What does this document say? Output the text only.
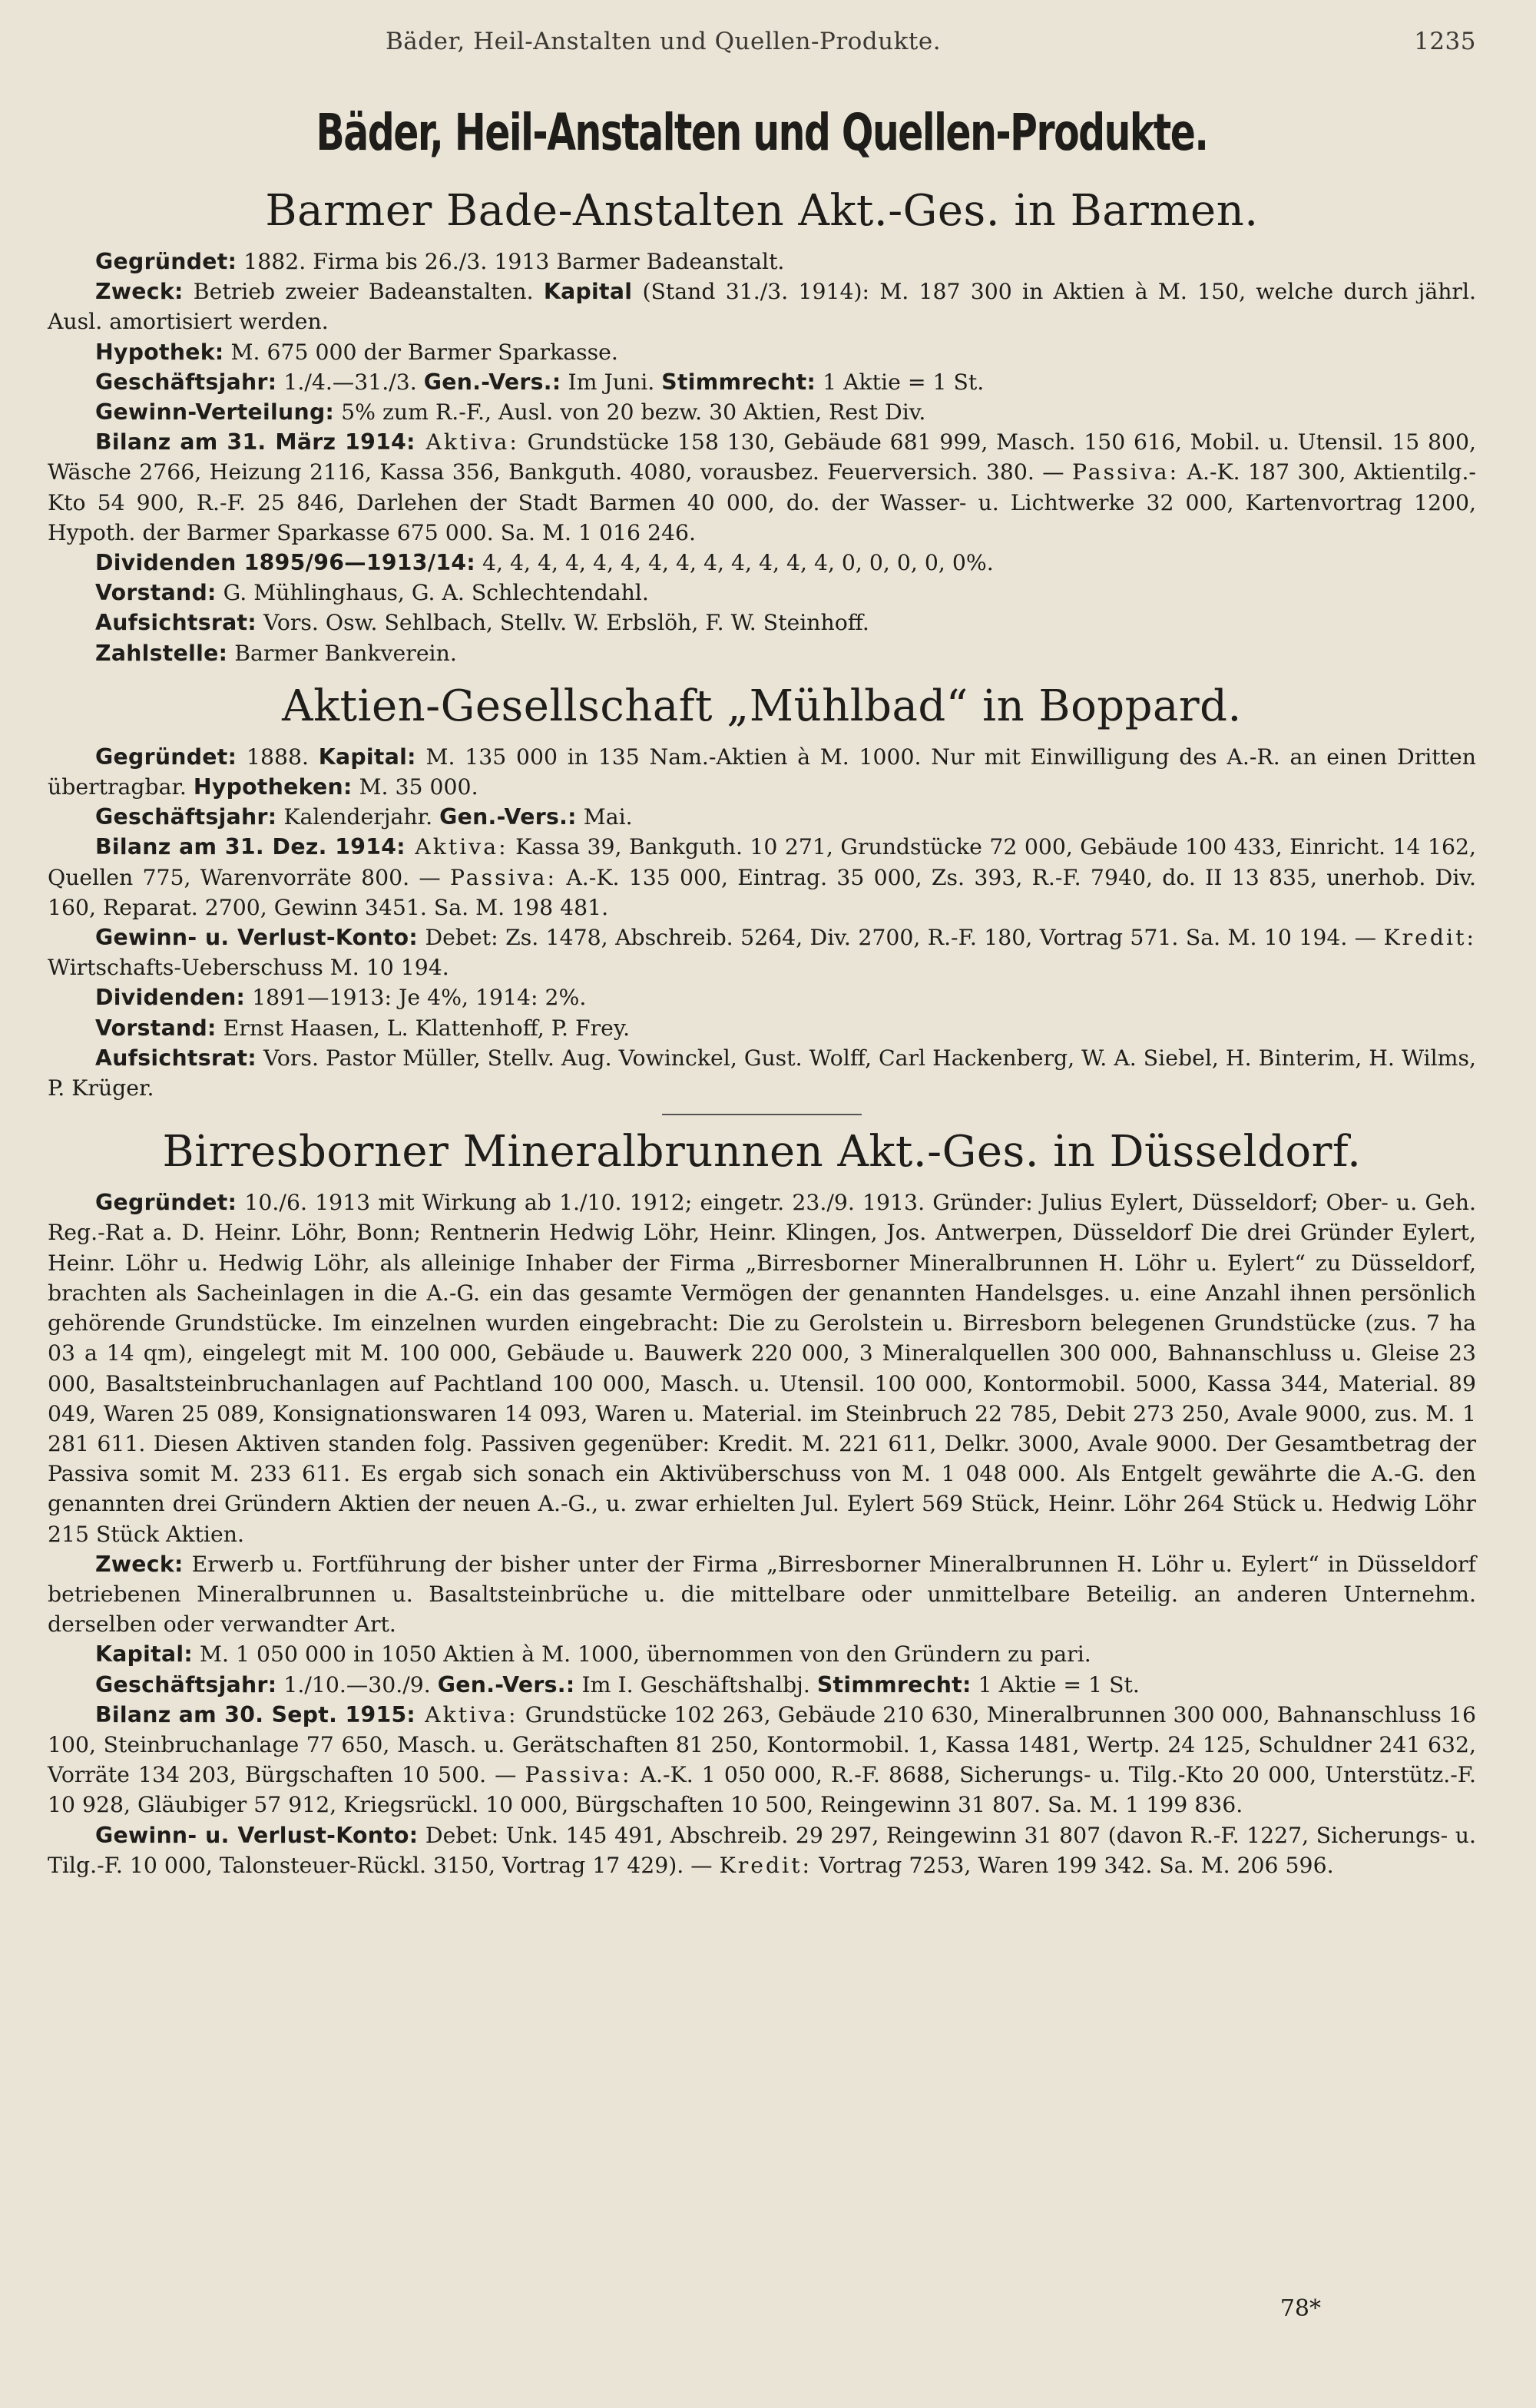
Bäder, Heil-Anstalten und Quellen-Produkte.	1235
Bäder, Heil-Anstalten und Quellen-Produkte.
Barmer Bade-Anstalten Akt.-Ges. in Barmen.

Gegründet: 1882. Firma bis 26./3. 1913 Barmer Badeanstalt.

Zweck: Betrieb zweier Badeanstalten. Kapital (Stand 31./3. 1914): M. 187 300 in Aktien à M. 150, welche durch jährl. Ausl. amortisiert werden.

Hypothek: M. 675 000 der Barmer Sparkasse.

Geschäftsjahr: 1./4.—31./3. Gen.-Vers.: Im Juni. Stimmrecht: 1 Aktie = 1 St.

Gewinn-Verteilung: 5% zum R.-F., Ausl. von 20 bezw. 30 Aktien, Rest Div.

Bilanz am 31. März 1914: Aktiva: Grundstücke 158 130, Gebäude 681 999, Masch. 150 616, Mobil. u. Utensil. 15 800, Wäsche 2766, Heizung 2116, Kassa 356, Bankguth. 4080, vorausbez. Feuerversich. 380. — Passiva: A.-K. 187 300, Aktientilg.-Kto 54 900, R.-F. 25 846, Darlehen der Stadt Barmen 40 000, do. der Wasser- u. Lichtwerke 32 000, Kartenvortrag 1200, Hypoth. der Barmer Sparkasse 675 000. Sa. M. 1 016 246.

Dividenden 1895/96—1913/14: 4, 4, 4, 4, 4, 4, 4, 4, 4, 4, 4, 4, 4, 0, 0, 0, 0, 0%.

Vorstand: G. Mühlinghaus, G. A. Schlechtendahl.

Aufsichtsrat: Vors. Osw. Sehlbach, Stellv. W. Erbslöh, F. W. Steinhoff.

Zahlstelle: Barmer Bankverein.

Aktien-Gesellschaft „Mühlbad“ in Boppard.

Gegründet: 1888. Kapital: M. 135 000 in 135 Nam.-Aktien à M. 1000. Nur mit Einwilligung des A.-R. an einen Dritten übertragbar. Hypotheken: M. 35 000.

Geschäftsjahr: Kalenderjahr. Gen.-Vers.: Mai.

Bilanz am 31. Dez. 1914: Aktiva: Kassa 39, Bankguth. 10 271, Grundstücke 72 000, Gebäude 100 433, Einricht. 14 162, Quellen 775, Warenvorräte 800. — Passiva: A.-K. 135 000, Eintrag. 35 000, Zs. 393, R.-F. 7940, do. II 13 835, unerhob. Div. 160, Reparat. 2700, Gewinn 3451. Sa. M. 198 481.

Gewinn- u. Verlust-Konto: Debet: Zs. 1478, Abschreib. 5264, Div. 2700, R.-F. 180, Vortrag 571. Sa. M. 10 194. — Kredit: Wirtschafts-Ueberschuss M. 10 194.

Dividenden: 1891—1913: Je 4%, 1914: 2%.

Vorstand: Ernst Haasen, L. Klattenhoff, P. Frey.

Aufsichtsrat: Vors. Pastor Müller, Stellv. Aug. Vowinckel, Gust. Wolff, Carl Hackenberg, W. A. Siebel, H. Binterim, H. Wilms, P. Krüger.

Birresborner Mineralbrunnen Akt.-Ges. in Düsseldorf.

Gegründet: 10./6. 1913 mit Wirkung ab 1./10. 1912; eingetr. 23./9. 1913. Gründer: Julius Eylert, Düsseldorf; Ober- u. Geh. Reg.-Rat a. D. Heinr. Löhr, Bonn; Rentnerin Hedwig Löhr, Heinr. Klingen, Jos. Antwerpen, Düsseldorf Die drei Gründer Eylert, Heinr. Löhr u. Hedwig Löhr, als alleinige Inhaber der Firma „Birresborner Mineralbrunnen H. Löhr u. Eylert“ zu Düsseldorf, brachten als Sacheinlagen in die A.-G. ein das gesamte Vermögen der genannten Handelsges. u. eine Anzahl ihnen persönlich gehörende Grundstücke. Im einzelnen wurden eingebracht: Die zu Gerolstein u. Birresborn belegenen Grundstücke (zus. 7 ha 03 a 14 qm), eingelegt mit M. 100 000, Gebäude u. Bauwerk 220 000, 3 Mineralquellen 300 000, Bahnanschluss u. Gleise 23 000, Basaltsteinbruchanlagen auf Pachtland 100 000, Masch. u. Utensil. 100 000, Kontormobil. 5000, Kassa 344, Material. 89 049, Waren 25 089, Konsignationswaren 14 093, Waren u. Material. im Steinbruch 22 785, Debit 273 250, Avale 9000, zus. M. 1 281 611. Diesen Aktiven standen folg. Passiven gegenüber: Kredit. M. 221 611, Delkr. 3000, Avale 9000. Der Gesamtbetrag der Passiva somit M. 233 611. Es ergab sich sonach ein Aktivüberschuss von M. 1 048 000. Als Entgelt gewährte die A.-G. den genannten drei Gründern Aktien der neuen A.-G., u. zwar erhielten Jul. Eylert 569 Stück, Heinr. Löhr 264 Stück u. Hedwig Löhr 215 Stück Aktien.

Zweck: Erwerb u. Fortführung der bisher unter der Firma „Birresborner Mineralbrunnen H. Löhr u. Eylert“ in Düsseldorf betriebenen Mineralbrunnen u. Basaltsteinbrüche u. die mittelbare oder unmittelbare Beteilig. an anderen Unternehm. derselben oder verwandter Art.

Kapital: M. 1 050 000 in 1050 Aktien à M. 1000, übernommen von den Gründern zu pari.

Geschäftsjahr: 1./10.—30./9. Gen.-Vers.: Im I. Geschäftshalbj. Stimmrecht: 1 Aktie = 1 St.

Bilanz am 30. Sept. 1915: Aktiva: Grundstücke 102 263, Gebäude 210 630, Mineralbrunnen 300 000, Bahnanschluss 16 100, Steinbruchanlage 77 650, Masch. u. Gerätschaften 81 250, Kontormobil. 1, Kassa 1481, Wertp. 24 125, Schuldner 241 632, Vorräte 134 203, Bürgschaften 10 500. — Passiva: A.-K. 1 050 000, R.-F. 8688, Sicherungs- u. Tilg.-Kto 20 000, Unterstütz.-F. 10 928, Gläubiger 57 912, Kriegsrückl. 10 000, Bürgschaften 10 500, Reingewinn 31 807. Sa. M. 1 199 836.

Gewinn- u. Verlust-Konto: Debet: Unk. 145 491, Abschreib. 29 297, Reingewinn 31 807 (davon R.-F. 1227, Sicherungs- u. Tilg.-F. 10 000, Talonsteuer-Rückl. 3150, Vortrag 17 429). — Kredit: Vortrag 7253, Waren 199 342. Sa. M. 206 596.

78*
